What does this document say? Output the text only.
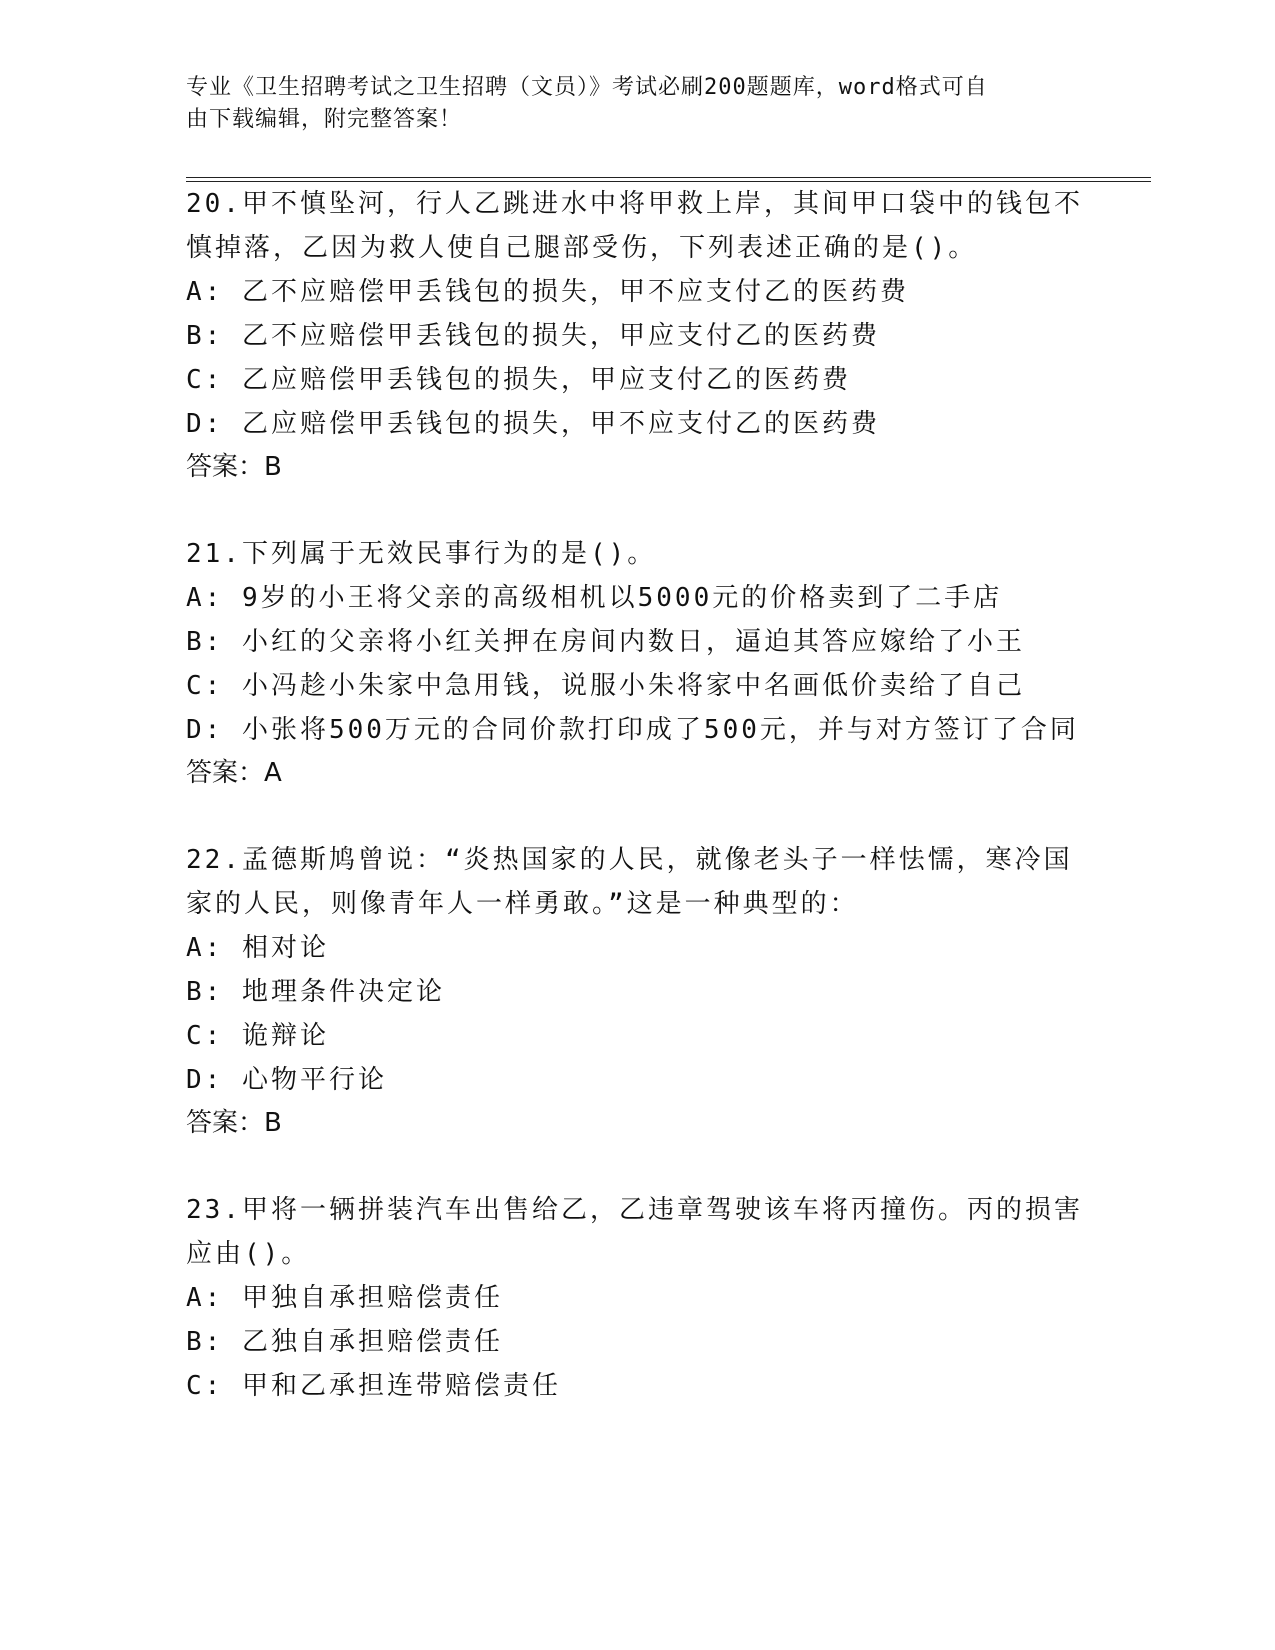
专业《卫生招聘考试之卫生招聘（文员）》考试必刷200题题库，word格式可自
由下载编辑，附完整答案！
20.甲不慎坠河，行人乙跳进水中将甲救上岸，其间甲口袋中的钱包不
慎掉落，乙因为救人使自己腿部受伤，下列表述正确的是()。
A: 乙不应赔偿甲丢钱包的损失，甲不应支付乙的医药费
B: 乙不应赔偿甲丢钱包的损失，甲应支付乙的医药费
C: 乙应赔偿甲丢钱包的损失，甲应支付乙的医药费
D: 乙应赔偿甲丢钱包的损失，甲不应支付乙的医药费
答案：B
21.下列属于无效民事行为的是()。
A: 9岁的小王将父亲的高级相机以5000元的价格卖到了二手店
B: 小红的父亲将小红关押在房间内数日，逼迫其答应嫁给了小王
C: 小冯趁小朱家中急用钱，说服小朱将家中名画低价卖给了自己
D: 小张将500万元的合同价款打印成了500元，并与对方签订了合同
答案：A
22.孟德斯鸠曾说：“炎热国家的人民，就像老头子一样怯懦，寒冷国
家的人民，则像青年人一样勇敢。”这是一种典型的：
A: 相对论
B: 地理条件决定论
C: 诡辩论
D: 心物平行论
答案：B
23.甲将一辆拼装汽车出售给乙，乙违章驾驶该车将丙撞伤。丙的损害
应由()。
A: 甲独自承担赔偿责任
B: 乙独自承担赔偿责任
C: 甲和乙承担连带赔偿责任
